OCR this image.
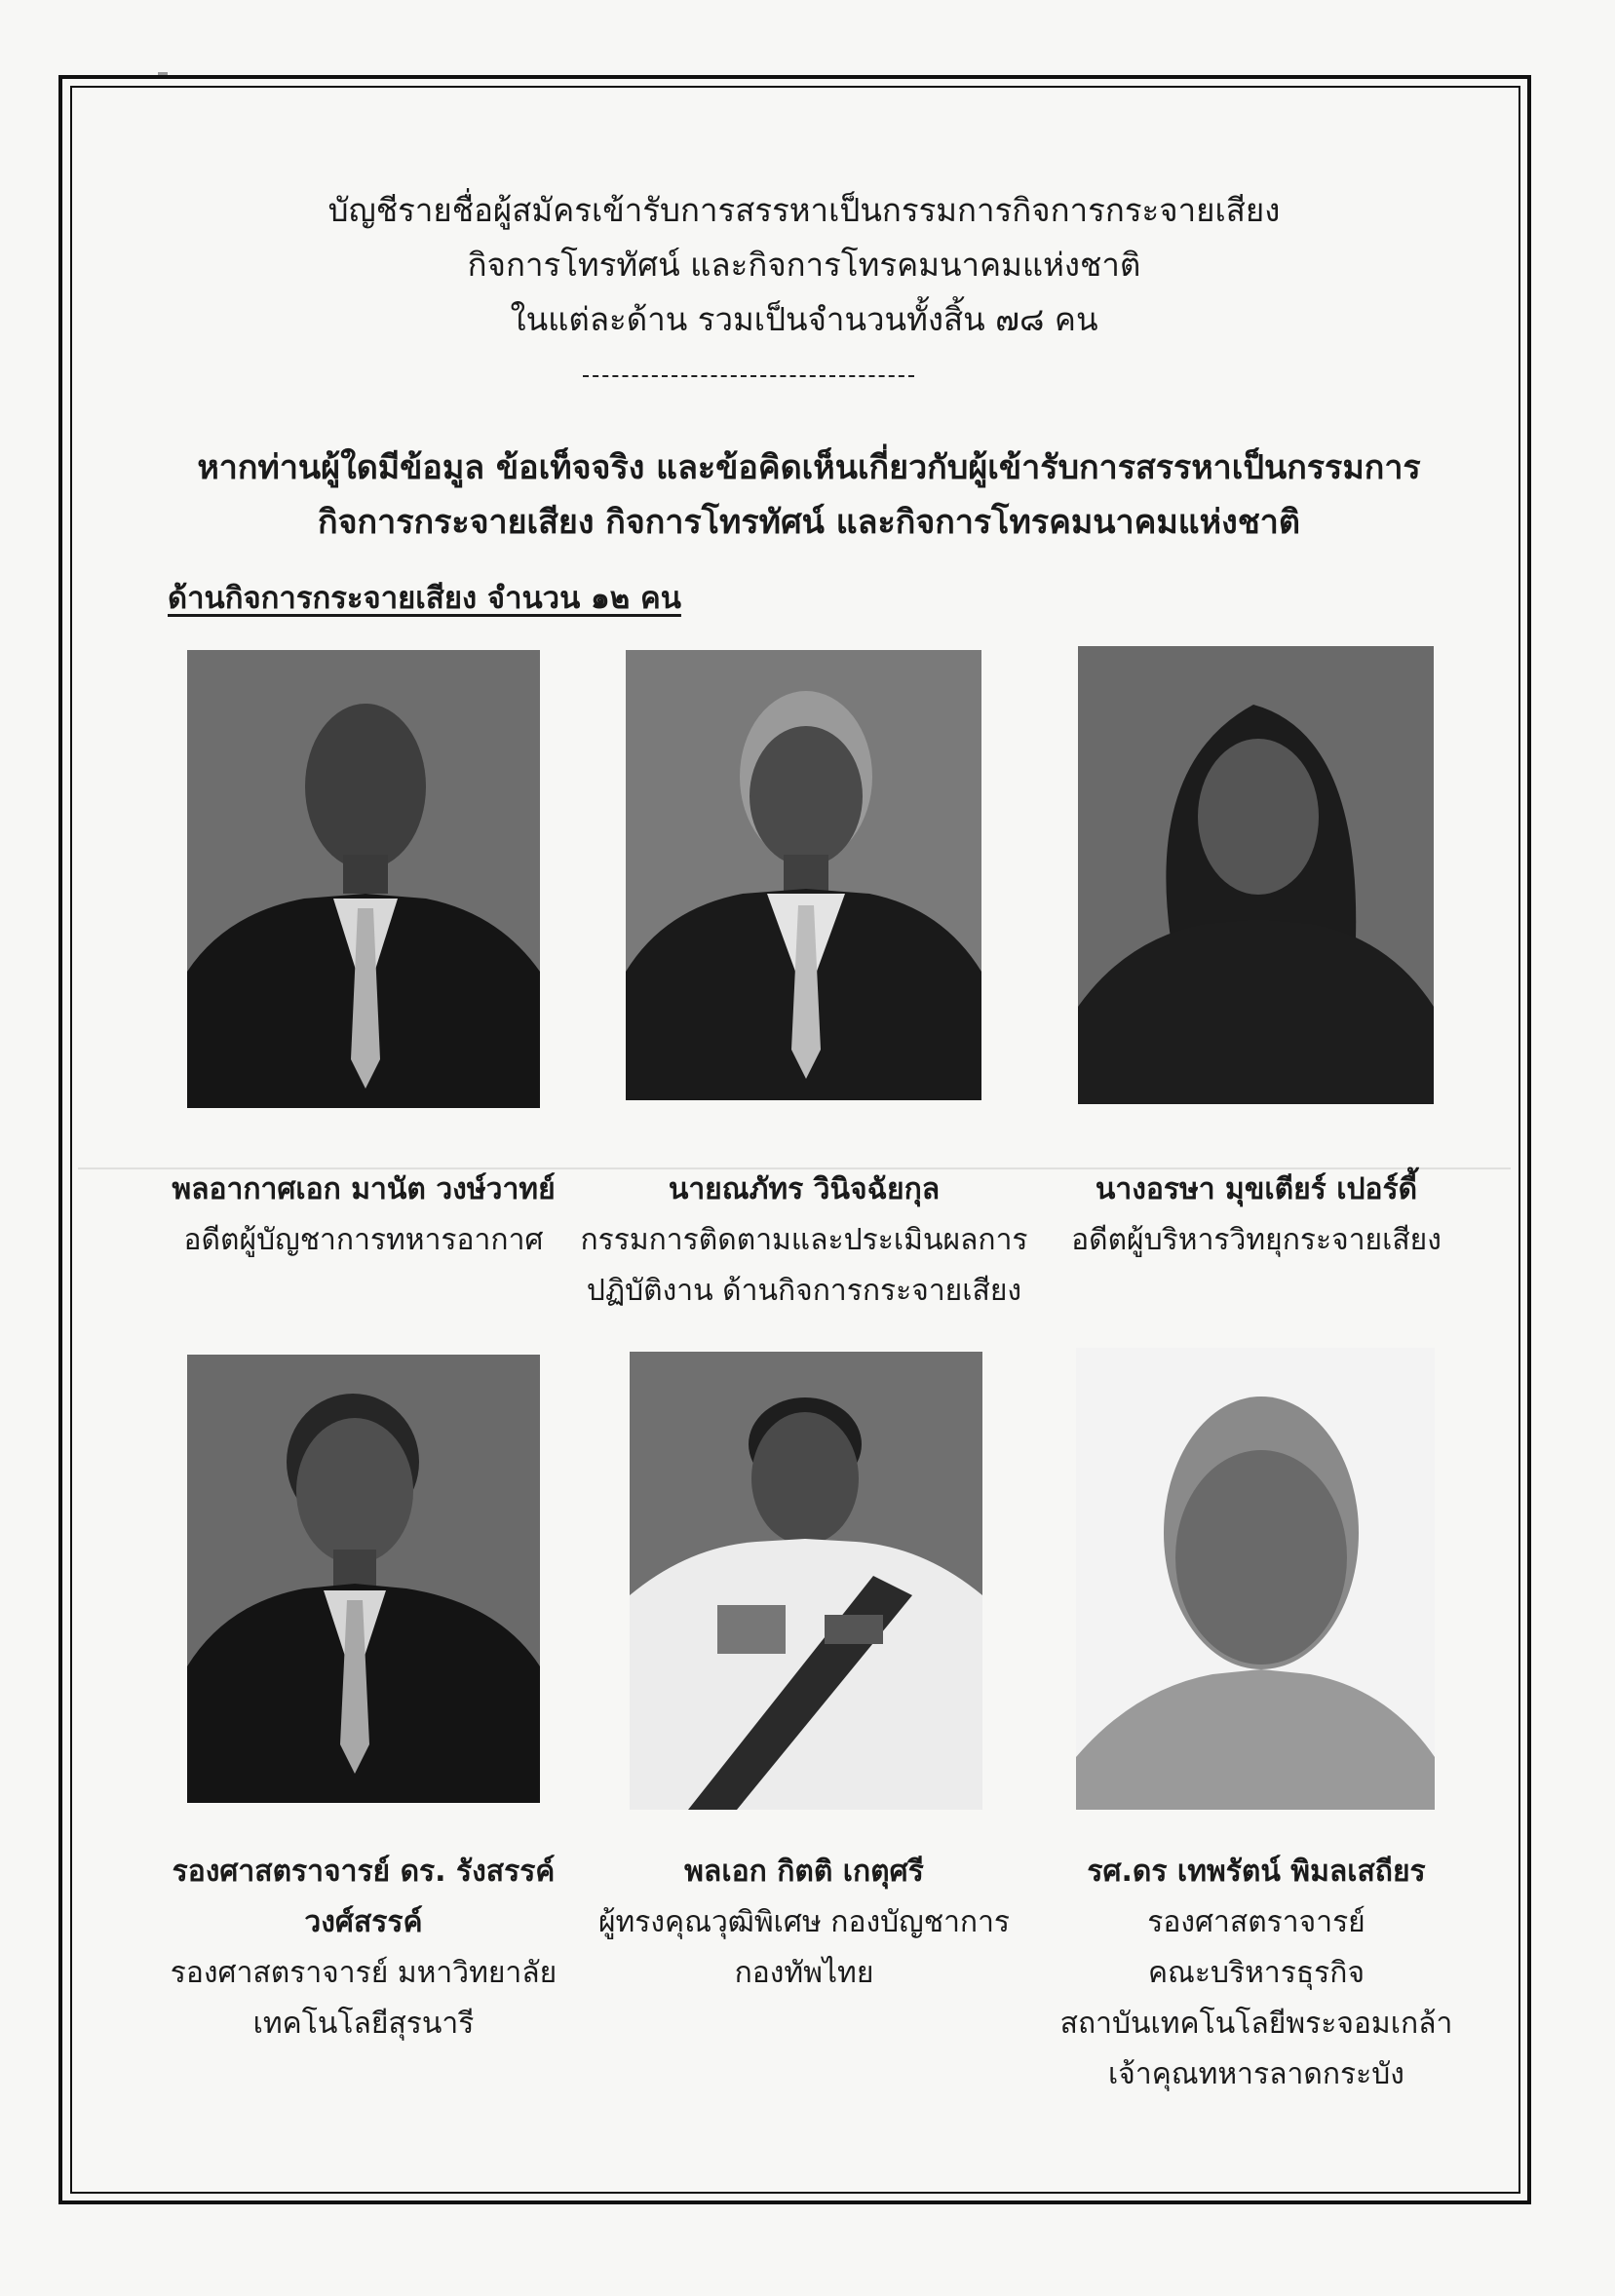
บัญชีรายชื่อผู้สมัครเข้ารับการสรรหาเป็นกรรมการกิจการกระจายเสียง
กิจการโทรทัศน์ และกิจการโทรคมนาคมแห่งชาติ
ในแต่ละด้าน รวมเป็นจำนวนทั้งสิ้น ๗๘ คน
หากท่านผู้ใดมีข้อมูล ข้อเท็จจริง และข้อคิดเห็นเกี่ยวกับผู้เข้ารับการสรรหาเป็นกรรมการ
กิจการกระจายเสียง กิจการโทรทัศน์ และกิจการโทรคมนาคมแห่งชาติ
ด้านกิจการกระจายเสียง จำนวน ๑๒ คน
พลอากาศเอก มานัต วงษ์วาทย์
อดีตผู้บัญชาการทหารอากาศ
นายณภัทร วินิจฉัยกุล
กรรมการติดตามและประเมินผลการ
ปฏิบัติงาน ด้านกิจการกระจายเสียง
นางอรษา มุขเตียร์ เปอร์ดี้
อดีตผู้บริหารวิทยุกระจายเสียง
รองศาสตราจารย์ ดร. รังสรรค์
วงศ์สรรค์
รองศาสตราจารย์ มหาวิทยาลัย
เทคโนโลยีสุรนารี
พลเอก กิตติ เกตุศรี
ผู้ทรงคุณวุฒิพิเศษ กองบัญชาการ
กองทัพไทย
รศ.ดร เทพรัตน์ พิมลเสถียร
รองศาสตราจารย์
คณะบริหารธุรกิจ
สถาบันเทคโนโลยีพระจอมเกล้า
เจ้าคุณทหารลาดกระบัง
